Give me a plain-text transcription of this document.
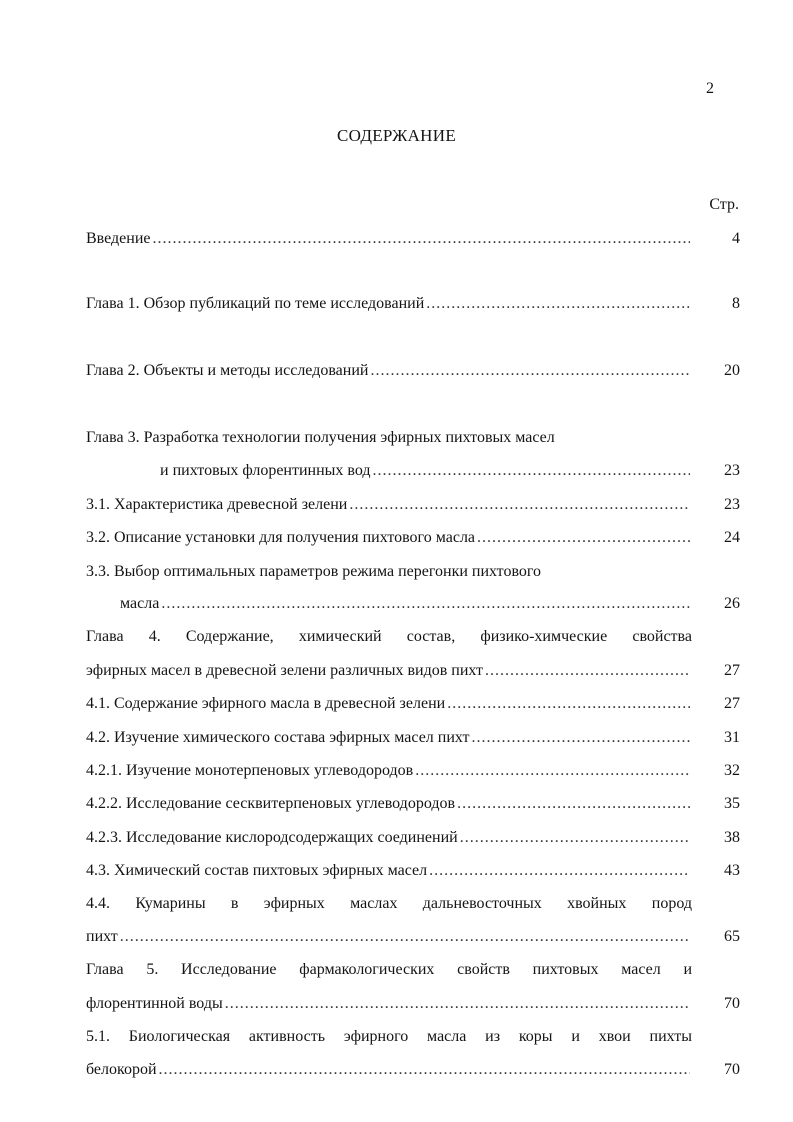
2
СОДЕРЖАНИЕ
Стр.
Введение .....	4
Глава 1. Обзор публикаций по теме исследований .....	8
Глава 2. Объекты и методы исследований .....	20
Глава 3. Разработка технологии получения эфирных пихтовых масел
и пихтовых флорентинных вод .....	23
3.1. Характеристика древесной зелени .....	23
3.2. Описание установки для получения пихтового масла .....	24
3.3. Выбор оптимальных параметров режима перегонки пихтового
масла .....	26
Глава 4. Содержание, химический состав, физико-химческие свойства
эфирных масел в древесной зелени различных видов пихт .....	27
4.1. Содержание эфирного масла в древесной зелени .....	27
4.2. Изучение химического состава эфирных масел пихт .....	31
4.2.1. Изучение монотерпеновых углеводородов .....	32
4.2.2. Исследование сесквитерпеновых углеводородов .....	35
4.2.3. Исследование кислородсодержащих соединений .....	38
4.3. Химический состав пихтовых эфирных масел .....	43
4.4. Кумарины в эфирных маслах дальневосточных хвойных пород
пихт .....	65
Глава 5. Исследование фармакологических свойств пихтовых масел и
флорентинной воды .....	70
5.1. Биологическая активность эфирного масла из коры и хвои пихты
белокорой .....	70
